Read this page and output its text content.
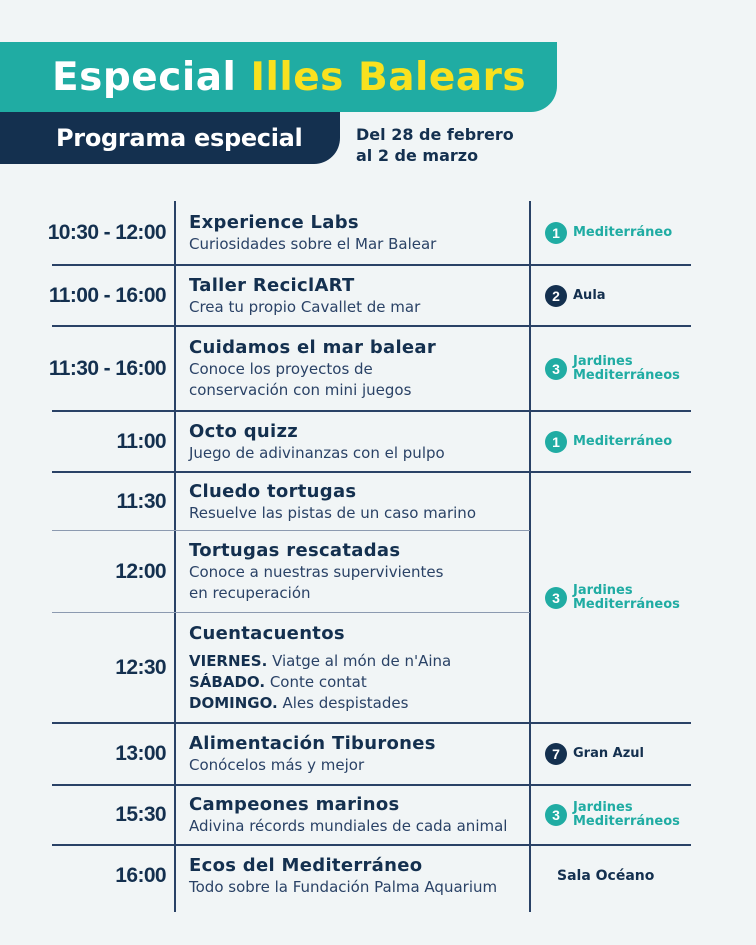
Especial Illes Balears
Programa especial	Del 28 de febrero
al 2 de marzo
10:30 - 12:00 Experience Labs
Curiosidades sobre el Mar Balear
1	Mediterráneo
11:00 - 16:00 Taller ReciclART
Crea tu propio Cavallet de mar
2	Aula
11:30 - 16:00
Cuidamos el mar balear
Conoce los proyectos de
conservación con mini juegos
3	Jardines
Mediterráneos
11:00 Octo quizz
Juego de adivinanzas con el pulpo
1	Mediterráneo
11:30 Cluedo tortugas
Resuelve las pistas de un caso marino
12:00
Tortugas rescatadas
Conoce a nuestras supervivientes
en recuperación	3	Jardines
Mediterráneos
12:30
Cuentacuentos
VIERNES. Viatge al món de n'Aina
SÁBADO. Conte contat
DOMINGO. Ales despistades
13:00 Alimentación Tiburones
Conócelos más y mejor
7	Gran Azul
15:30 Campeones marinos
Adivina récords mundiales de cada animal
3	Jardines
Mediterráneos
16:00 Ecos del Mediterráneo
Todo sobre la Fundación Palma Aquarium
Sala Océano
